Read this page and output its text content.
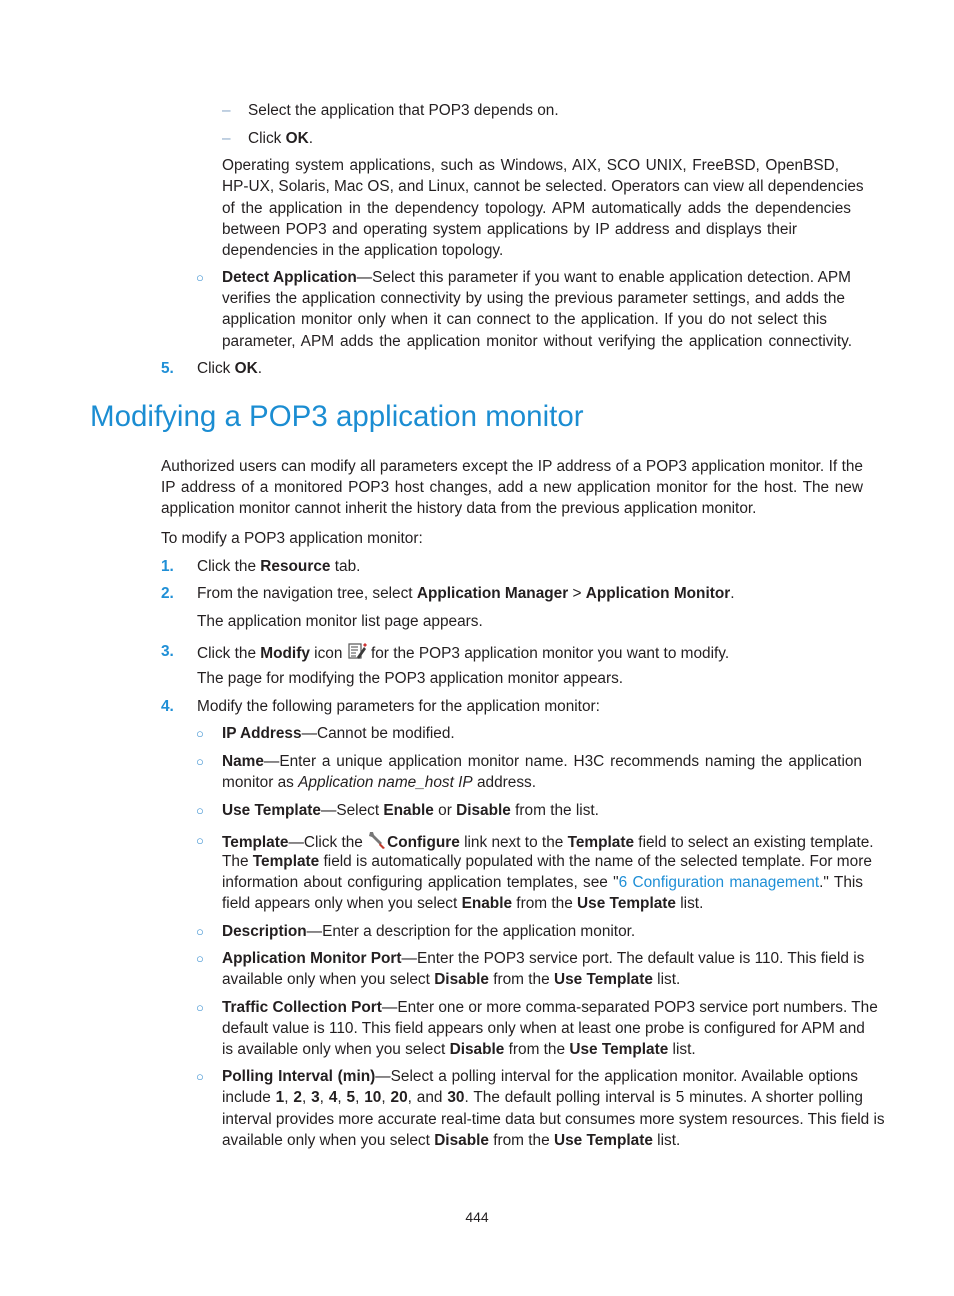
– Select the application that POP3 depends on.
– Click OK.
Operating system applications, such as Windows, AIX, SCO UNIX, FreeBSD, OpenBSD,
HP-UX, Solaris, Mac OS, and Linux, cannot be selected. Operators can view all dependencies
of the application in the dependency topology. APM automatically adds the dependencies
between POP3 and operating system applications by IP address and displays their
dependencies in the application topology.
○ Detect Application—Select this parameter if you want to enable application detection. APM
verifies the application connectivity by using the previous parameter settings, and adds the
application monitor only when it can connect to the application. If you do not select this
parameter, APM adds the application monitor without verifying the application connectivity.
5. Click OK.
Modifying a POP3 application monitor
Authorized users can modify all parameters except the IP address of a POP3 application monitor. If the
IP address of a monitored POP3 host changes, add a new application monitor for the host. The new
application monitor cannot inherit the history data from the previous application monitor.
To modify a POP3 application monitor:
1. Click the Resource tab.
2. From the navigation tree, select Application Manager > Application Monitor.
The application monitor list page appears.
3. Click the Modify icon  for the POP3 application monitor you want to modify.
The page for modifying the POP3 application monitor appears.
4. Modify the following parameters for the application monitor:
○ IP Address—Cannot be modified.
○ Name—Enter a unique application monitor name. H3C recommends naming the application
monitor as Application name_host IP address.
○ Use Template—Select Enable or Disable from the list.
○ Template—Click the Configure link next to the Template field to select an existing template.
The Template field is automatically populated with the name of the selected template. For more
information about configuring application templates, see "6 Configuration management." This
field appears only when you select Enable from the Use Template list.
○ Description—Enter a description for the application monitor.
○ Application Monitor Port—Enter the POP3 service port. The default value is 110. This field is
available only when you select Disable from the Use Template list.
○ Traffic Collection Port—Enter one or more comma-separated POP3 service port numbers. The
default value is 110. This field appears only when at least one probe is configured for APM and
is available only when you select Disable from the Use Template list.
○ Polling Interval (min)—Select a polling interval for the application monitor. Available options
include 1, 2, 3, 4, 5, 10, 20, and 30. The default polling interval is 5 minutes. A shorter polling
interval provides more accurate real-time data but consumes more system resources. This field is
available only when you select Disable from the Use Template list.
444
